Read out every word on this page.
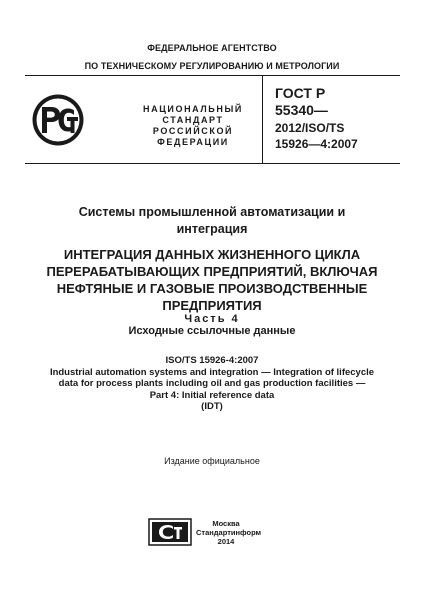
ФЕДЕРАЛЬНОЕ АГЕНТСТВО
ПО ТЕХНИЧЕСКОМУ РЕГУЛИРОВАНИЮ И МЕТРОЛОГИИ
НАЦИОНАЛЬНЫЙ
СТАНДАРТ
РОССИЙСКОЙ
ФЕДЕРАЦИИ
ГОСТ Р
55340—
2012/ISO/TS
15926—4:2007
Системы промышленной автоматизации и
интеграция
ИНТЕГРАЦИЯ ДАННЫХ ЖИЗНЕННОГО ЦИКЛА
ПЕРЕРАБАТЫВАЮЩИХ ПРЕДПРИЯТИЙ, ВКЛЮЧАЯ
НЕФТЯНЫЕ И ГАЗОВЫЕ ПРОИЗВОДСТВЕННЫЕ
ПРЕДПРИЯТИЯ
Часть 4
Исходные ссылочные данные
ISO/TS 15926-4:2007
Industrial automation systems and integration — Integration of lifecycle
data for process plants including oil and gas production facilities —
Part 4: Initial reference data
(IDT)
Издание официальное
Москва
Стандартинформ
2014
